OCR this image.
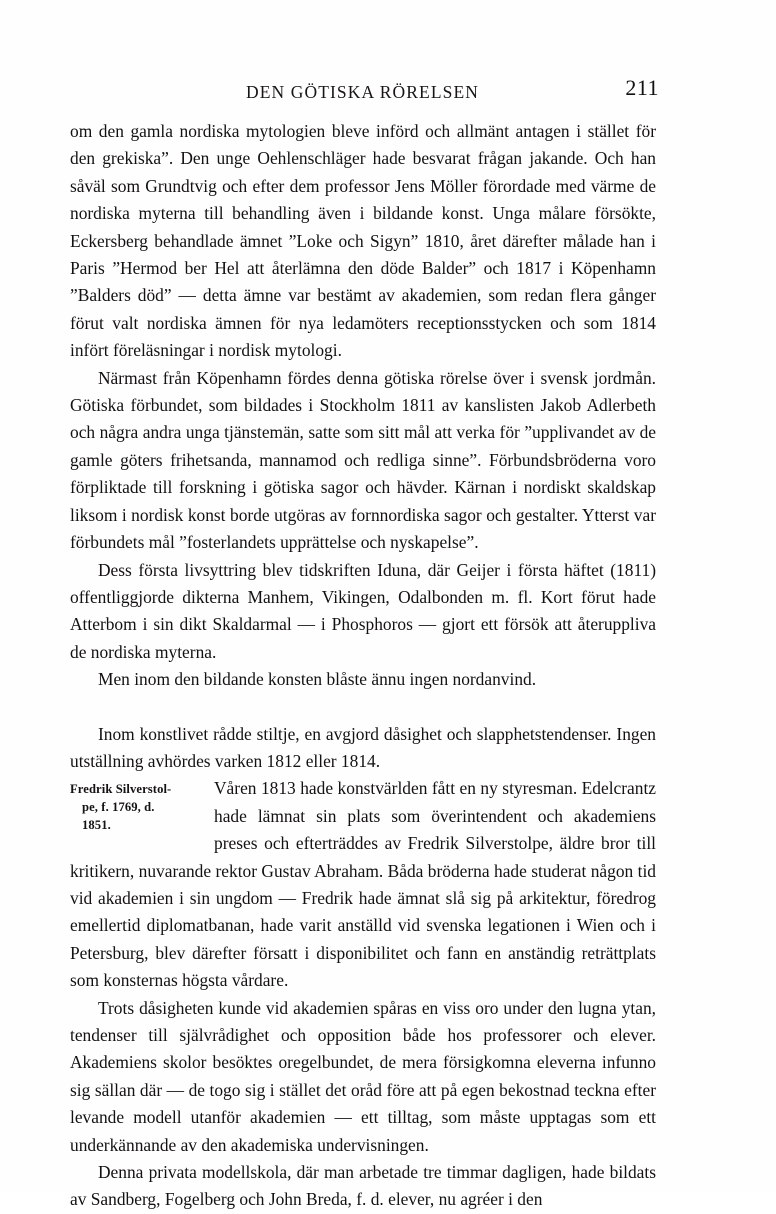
DEN GÖTISKA RÖRELSEN	211

om den gamla nordiska mytologien bleve införd och allmänt antagen i stället för den grekiska”. Den unge Oehlenschläger hade besvarat frågan jakande. Och han såväl som Grundtvig och efter dem professor Jens Möller förordade med värme de nordiska myterna till behandling även i bildande konst. Unga målare försökte, Eckersberg behandlade ämnet ”Loke och Sigyn” 1810, året därefter målade han i Paris ”Hermod ber Hel att återlämna den döde Balder” och 1817 i Köpenhamn ”Balders död” — detta ämne var bestämt av akademien, som redan flera gånger förut valt nordiska ämnen för nya ledamöters receptionsstycken och som 1814 infört föreläsningar i nordisk mytologi.

Närmast från Köpenhamn fördes denna götiska rörelse över i svensk jordmån. Götiska förbundet, som bildades i Stockholm 1811 av kanslisten Jakob Adlerbeth och några andra unga tjänstemän, satte som sitt mål att verka för ”upplivandet av de gamle göters frihetsanda, mannamod och redliga sinne”. Förbundsbröderna voro förpliktade till forskning i götiska sagor och hävder. Kärnan i nordiskt skaldskap liksom i nordisk konst borde utgöras av fornnordiska sagor och gestalter. Ytterst var förbundets mål ”fosterlandets upprättelse och nyskapelse”.

Dess första livsyttring blev tidskriften Iduna, där Geijer i första häftet (1811) offentliggjorde dikterna Manhem, Vikingen, Odalbonden m. fl. Kort förut hade Atterbom i sin dikt Skaldarmal — i Phosphoros — gjort ett försök att återuppliva de nordiska myterna.

Men inom den bildande konsten blåste ännu ingen nordanvind.

Inom konstlivet rådde stiltje, en avgjord dåsighet och slapphetstendenser. Ingen utställning avhördes varken 1812 eller 1814.

Fredrik Silverstol-
pe, f. 1769, d.
1851.

Våren 1813 hade konstvärlden fått en ny styresman. Edelcrantz hade lämnat sin plats som överintendent och akademiens preses och efterträddes av Fredrik Silverstolpe, äldre bror till kritikern, nuvarande rektor Gustav Abraham. Båda bröderna hade studerat någon tid vid akademien i sin ungdom — Fredrik hade ämnat slå sig på arkitektur, föredrog emellertid diplomatbanan, hade varit anställd vid svenska legationen i Wien och i Petersburg, blev därefter försatt i disponibilitet och fann en anständig reträttplats som konsternas högsta vårdare.

Trots dåsigheten kunde vid akademien spåras en viss oro under den lugna ytan, tendenser till självrådighet och opposition både hos professorer och elever. Akademiens skolor besöktes oregelbundet, de mera försigkomna eleverna infunno sig sällan där — de togo sig i stället det oråd före att på egen bekostnad teckna efter levande modell utanför akademien — ett tilltag, som måste upptagas som ett underkännande av den akademiska undervisningen.

Denna privata modellskola, där man arbetade tre timmar dagligen, hade bildats av Sandberg, Fogelberg och John Breda, f. d. elever, nu agréer i den
